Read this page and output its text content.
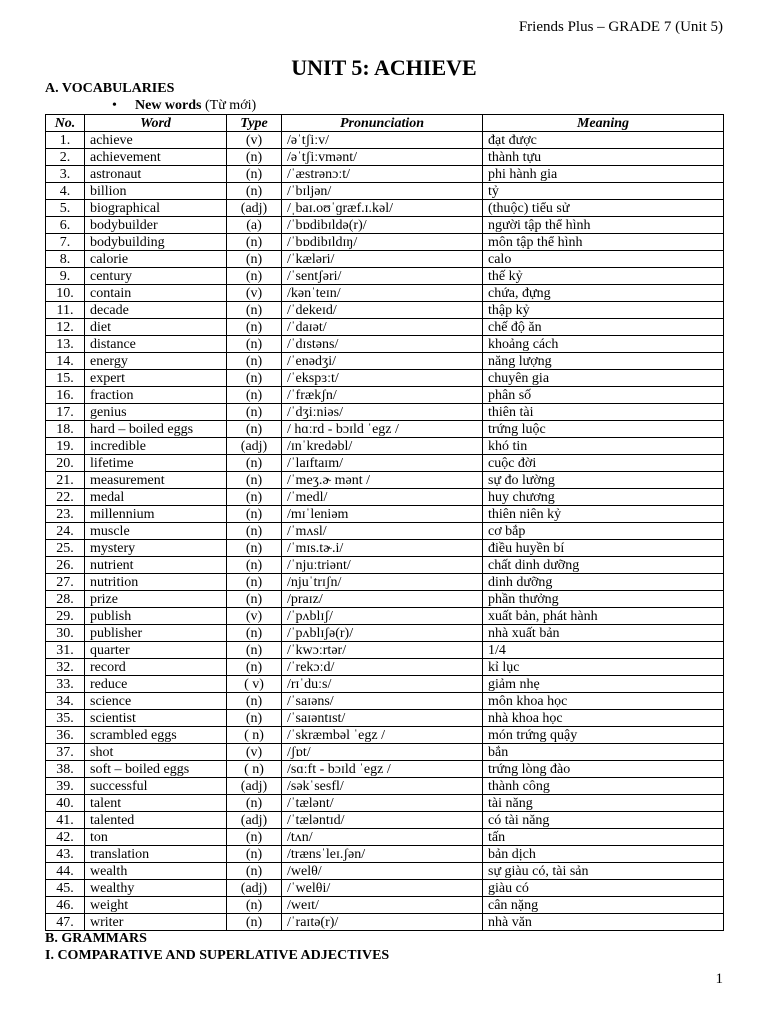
Friends Plus – GRADE 7 (Unit 5)
UNIT 5: ACHIEVE
A. VOCABULARIES
• New words (Từ mới)
No.	Word	Type	Pronunciation	Meaning
1.	achieve	(v)	/əˈtʃiːv/	đạt được
2.	achievement	(n)	/əˈtʃiːvmənt/	thành tựu
3.	astronaut	(n)	/ˈæstrənɔːt/	phi hành gia
4.	billion	(n)	/ˈbɪljən/	tỷ
5.	biographical	(adj)	/ˌbaɪ.oʊˈɡræf.ɪ.kəl/	(thuộc) tiểu sử
6.	bodybuilder	(a)	/ˈbɒdibɪldə(r)/	người tập thể hình
7.	bodybuilding	(n)	/ˈbɒdibɪldɪŋ/	môn tập thể hình
8.	calorie	(n)	/ˈkæləri/	calo
9.	century	(n)	/ˈsentʃəri/	thế kỷ
10.	contain	(v)	/kənˈteɪn/	chứa, đựng
11.	decade	(n)	/ˈdekeɪd/	thập kỷ
12.	diet	(n)	/ˈdaɪət/	chế độ ăn
13.	distance	(n)	/ˈdɪstəns/	khoảng cách
14.	energy	(n)	/ˈenədʒi/	năng lượng
15.	expert	(n)	/ˈekspɜːt/	chuyên gia
16.	fraction	(n)	/ˈfrækʃn/	phân số
17.	genius	(n)	/ˈdʒiːniəs/	thiên tài
18.	hard – boiled eggs	(n)	/ hɑːrd - bɔɪld ˈegz /	trứng luộc
19.	incredible	(adj)	/ɪnˈkredəbl/	khó tin
20.	lifetime	(n)	/ˈlaɪftaɪm/	cuộc đời
21.	measurement	(n)	/ˈmeʒ.ɚ mənt /	sự đo lường
22.	medal	(n)	/ˈmedl/	huy chương
23.	millennium	(n)	/mɪˈleniəm	thiên niên kỷ
24.	muscle	(n)	/ˈmʌsl/	cơ bắp
25.	mystery	(n)	/ˈmɪs.tɚ.i/	điều huyền bí
26.	nutrient	(n)	/ˈnjuːtriənt/	chất dinh dưỡng
27.	nutrition	(n)	/njuˈtrɪʃn/	dinh dưỡng
28.	prize	(n)	/praɪz/	phần thưởng
29.	publish	(v)	/ˈpʌblɪʃ/	xuất bản, phát hành
30.	publisher	(n)	/ˈpʌblɪʃə(r)/	nhà xuất bản
31.	quarter	(n)	/ˈkwɔːrtər/	1/4
32.	record	(n)	/ˈrekɔːd/	kỉ lục
33.	reduce	( v)	/rɪˈduːs/	giảm nhẹ
34.	science	(n)	/ˈsaɪəns/	môn khoa học
35.	scientist	(n)	/ˈsaɪəntɪst/	nhà khoa học
36.	scrambled eggs	( n)	/ˈskræmbəl ˈegz /	món trứng quậy
37.	shot	(v)	/ʃɒt/	bắn
38.	soft – boiled eggs	( n)	/sɑːft - bɔɪld ˈegz /	trứng lòng đào
39.	successful	(adj)	/səkˈsesfl/	thành công
40.	talent	(n)	/ˈtælənt/	tài năng
41.	talented	(adj)	/ˈtæləntɪd/	có tài năng
42.	ton	(n)	/tʌn/	tấn
43.	translation	(n)	/trænsˈleɪ.ʃən/	bản dịch
44.	wealth	(n)	/welθ/	sự giàu có, tài sản
45.	wealthy	(adj)	/ˈwelθi/	giàu có
46.	weight	(n)	/weɪt/	cân nặng
47.	writer	(n)	/ˈraɪtə(r)/	nhà văn
B. GRAMMARS
I. COMPARATIVE AND SUPERLATIVE ADJECTIVES
1
